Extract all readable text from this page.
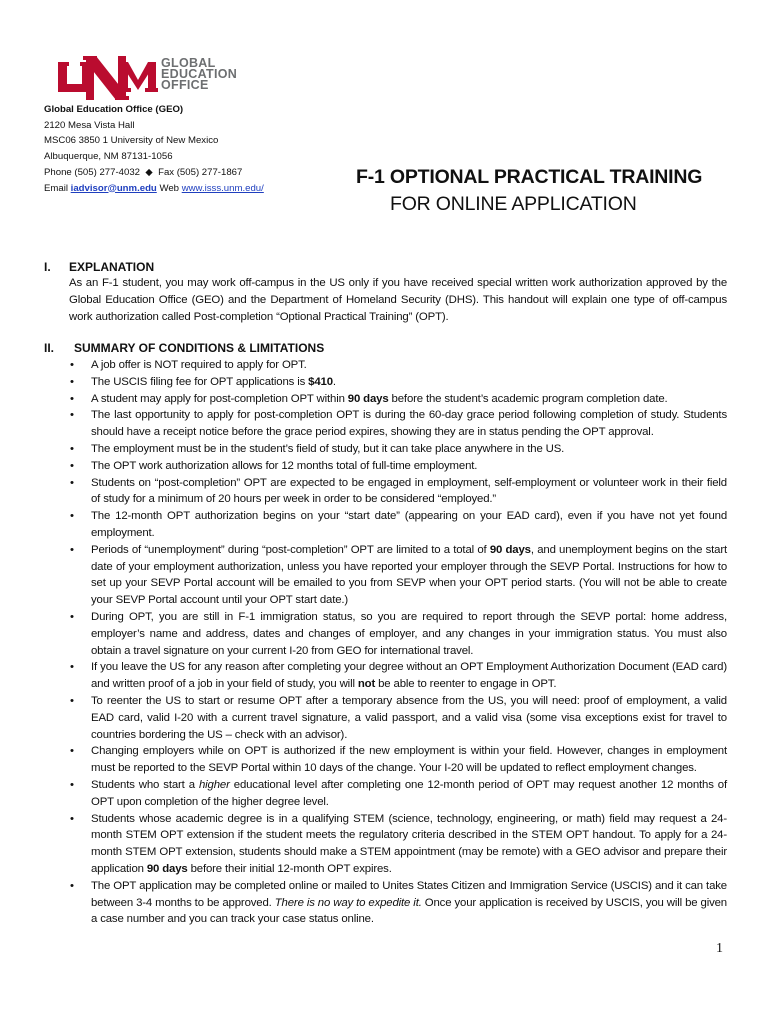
GLOBAL
EDUCATION
OFFICE
Global Education Office (GEO)
2120 Mesa Vista Hall
MSC06 3850 1 University of New Mexico
Albuquerque, NM 87131-1056
Phone (505) 277-4032  ◆  Fax (505) 277-1867
Email iadvisor@unm.edu Web www.isss.unm.edu/
F-1 OPTIONAL PRACTICAL TRAINING
FOR ONLINE APPLICATION
I. EXPLANATION
As an F-1 student, you may work off-campus in the US only if you have received special written work authorization approved by the Global Education Office (GEO) and the Department of Homeland Security (DHS). This handout will explain one type of off-campus work authorization called Post-completion “Optional Practical Training” (OPT).
II. SUMMARY OF CONDITIONS & LIMITATIONS
• A job offer is NOT required to apply for OPT.
• The USCIS filing fee for OPT applications is $410.
• A student may apply for post-completion OPT within 90 days before the student’s academic program completion date.
• The last opportunity to apply for post-completion OPT is during the 60-day grace period following completion of study. Students should have a receipt notice before the grace period expires, showing they are in status pending the OPT approval.
• The employment must be in the student’s field of study, but it can take place anywhere in the US.
• The OPT work authorization allows for 12 months total of full-time employment.
• Students on “post-completion” OPT are expected to be engaged in employment, self-employment or volunteer work in their field of study for a minimum of 20 hours per week in order to be considered “employed.”
• The 12-month OPT authorization begins on your “start date” (appearing on your EAD card), even if you have not yet found employment.
• Periods of “unemployment” during “post-completion” OPT are limited to a total of 90 days, and unemployment begins on the start date of your employment authorization, unless you have reported your employer through the SEVP Portal. Instructions for how to set up your SEVP Portal account will be emailed to you from SEVP when your OPT period starts. (You will not be able to create your SEVP Portal account until your OPT start date.)
• During OPT, you are still in F-1 immigration status, so you are required to report through the SEVP portal: home address, employer’s name and address, dates and changes of employer, and any changes in your immigration status. You must also obtain a travel signature on your current I-20 from GEO for international travel.
• If you leave the US for any reason after completing your degree without an OPT Employment Authorization Document (EAD card) and written proof of a job in your field of study, you will not be able to reenter to engage in OPT.
• To reenter the US to start or resume OPT after a temporary absence from the US, you will need: proof of employment, a valid EAD card, valid I-20 with a current travel signature, a valid passport, and a valid visa (some visa exceptions exist for travel to countries bordering the US – check with an advisor).
• Changing employers while on OPT is authorized if the new employment is within your field. However, changes in employment must be reported to the SEVP Portal within 10 days of the change. Your I-20 will be updated to reflect employment changes.
• Students who start a higher educational level after completing one 12-month period of OPT may request another 12 months of OPT upon completion of the higher degree level.
• Students whose academic degree is in a qualifying STEM (science, technology, engineering, or math) field may request a 24-month STEM OPT extension if the student meets the regulatory criteria described in the STEM OPT handout. To apply for a 24-month STEM OPT extension, students should make a STEM appointment (may be remote) with a GEO advisor and prepare their application 90 days before their initial 12-month OPT expires.
• The OPT application may be completed online or mailed to Unites States Citizen and Immigration Service (USCIS) and it can take between 3-4 months to be approved. There is no way to expedite it. Once your application is received by USCIS, you will be given a case number and you can track your case status online.
1
